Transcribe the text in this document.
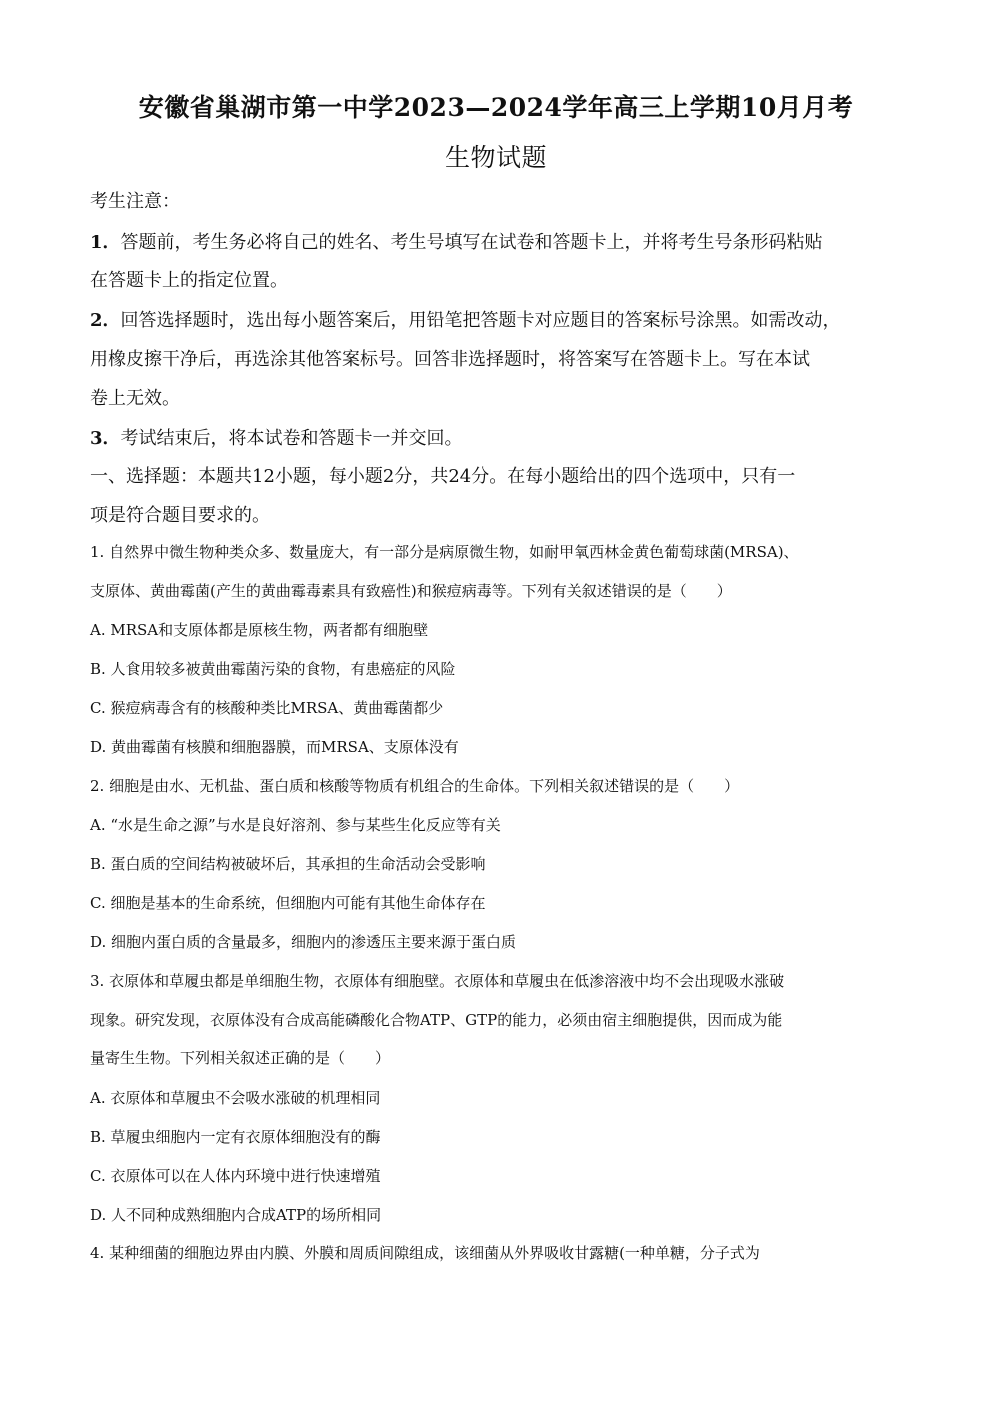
安徽省巢湖市第一中学2023—2024学年高三上学期10月月考
生物试题
考生注意：
1．答题前，考生务必将自己的姓名、考生号填写在试卷和答题卡上，并将考生号条形码粘贴
在答题卡上的指定位置。
2．回答选择题时，选出每小题答案后，用铅笔把答题卡对应题目的答案标号涂黑。如需改动，
用橡皮擦干净后，再选涂其他答案标号。回答非选择题时，将答案写在答题卡上。写在本试
卷上无效。
3．考试结束后，将本试卷和答题卡一并交回。
一、选择题：本题共12小题，每小题2分，共24分。在每小题给出的四个选项中，只有一
项是符合题目要求的。
1. 自然界中微生物种类众多、数量庞大，有一部分是病原微生物，如耐甲氧西林金黄色葡萄球菌(MRSA)、
支原体、黄曲霉菌(产生的黄曲霉毒素具有致癌性)和猴痘病毒等。下列有关叙述错误的是（　　）
A. MRSA和支原体都是原核生物，两者都有细胞壁
B. 人食用较多被黄曲霉菌污染的食物，有患癌症的风险
C. 猴痘病毒含有的核酸种类比MRSA、黄曲霉菌都少
D. 黄曲霉菌有核膜和细胞器膜，而MRSA、支原体没有
2. 细胞是由水、无机盐、蛋白质和核酸等物质有机组合的生命体。下列相关叙述错误的是（　　）
A. “水是生命之源”与水是良好溶剂、参与某些生化反应等有关
B. 蛋白质的空间结构被破坏后，其承担的生命活动会受影响
C. 细胞是基本的生命系统，但细胞内可能有其他生命体存在
D. 细胞内蛋白质的含量最多，细胞内的渗透压主要来源于蛋白质
3. 衣原体和草履虫都是单细胞生物，衣原体有细胞壁。衣原体和草履虫在低渗溶液中均不会出现吸水涨破
现象。研究发现，衣原体没有合成高能磷酸化合物ATP、GTP的能力，必须由宿主细胞提供，因而成为能
量寄生生物。下列相关叙述正确的是（　　）
A. 衣原体和草履虫不会吸水涨破的机理相同
B. 草履虫细胞内一定有衣原体细胞没有的酶
C. 衣原体可以在人体内环境中进行快速增殖
D. 人不同种成熟细胞内合成ATP的场所相同
4. 某种细菌的细胞边界由内膜、外膜和周质间隙组成，该细菌从外界吸收甘露糖(一种单糖，分子式为
